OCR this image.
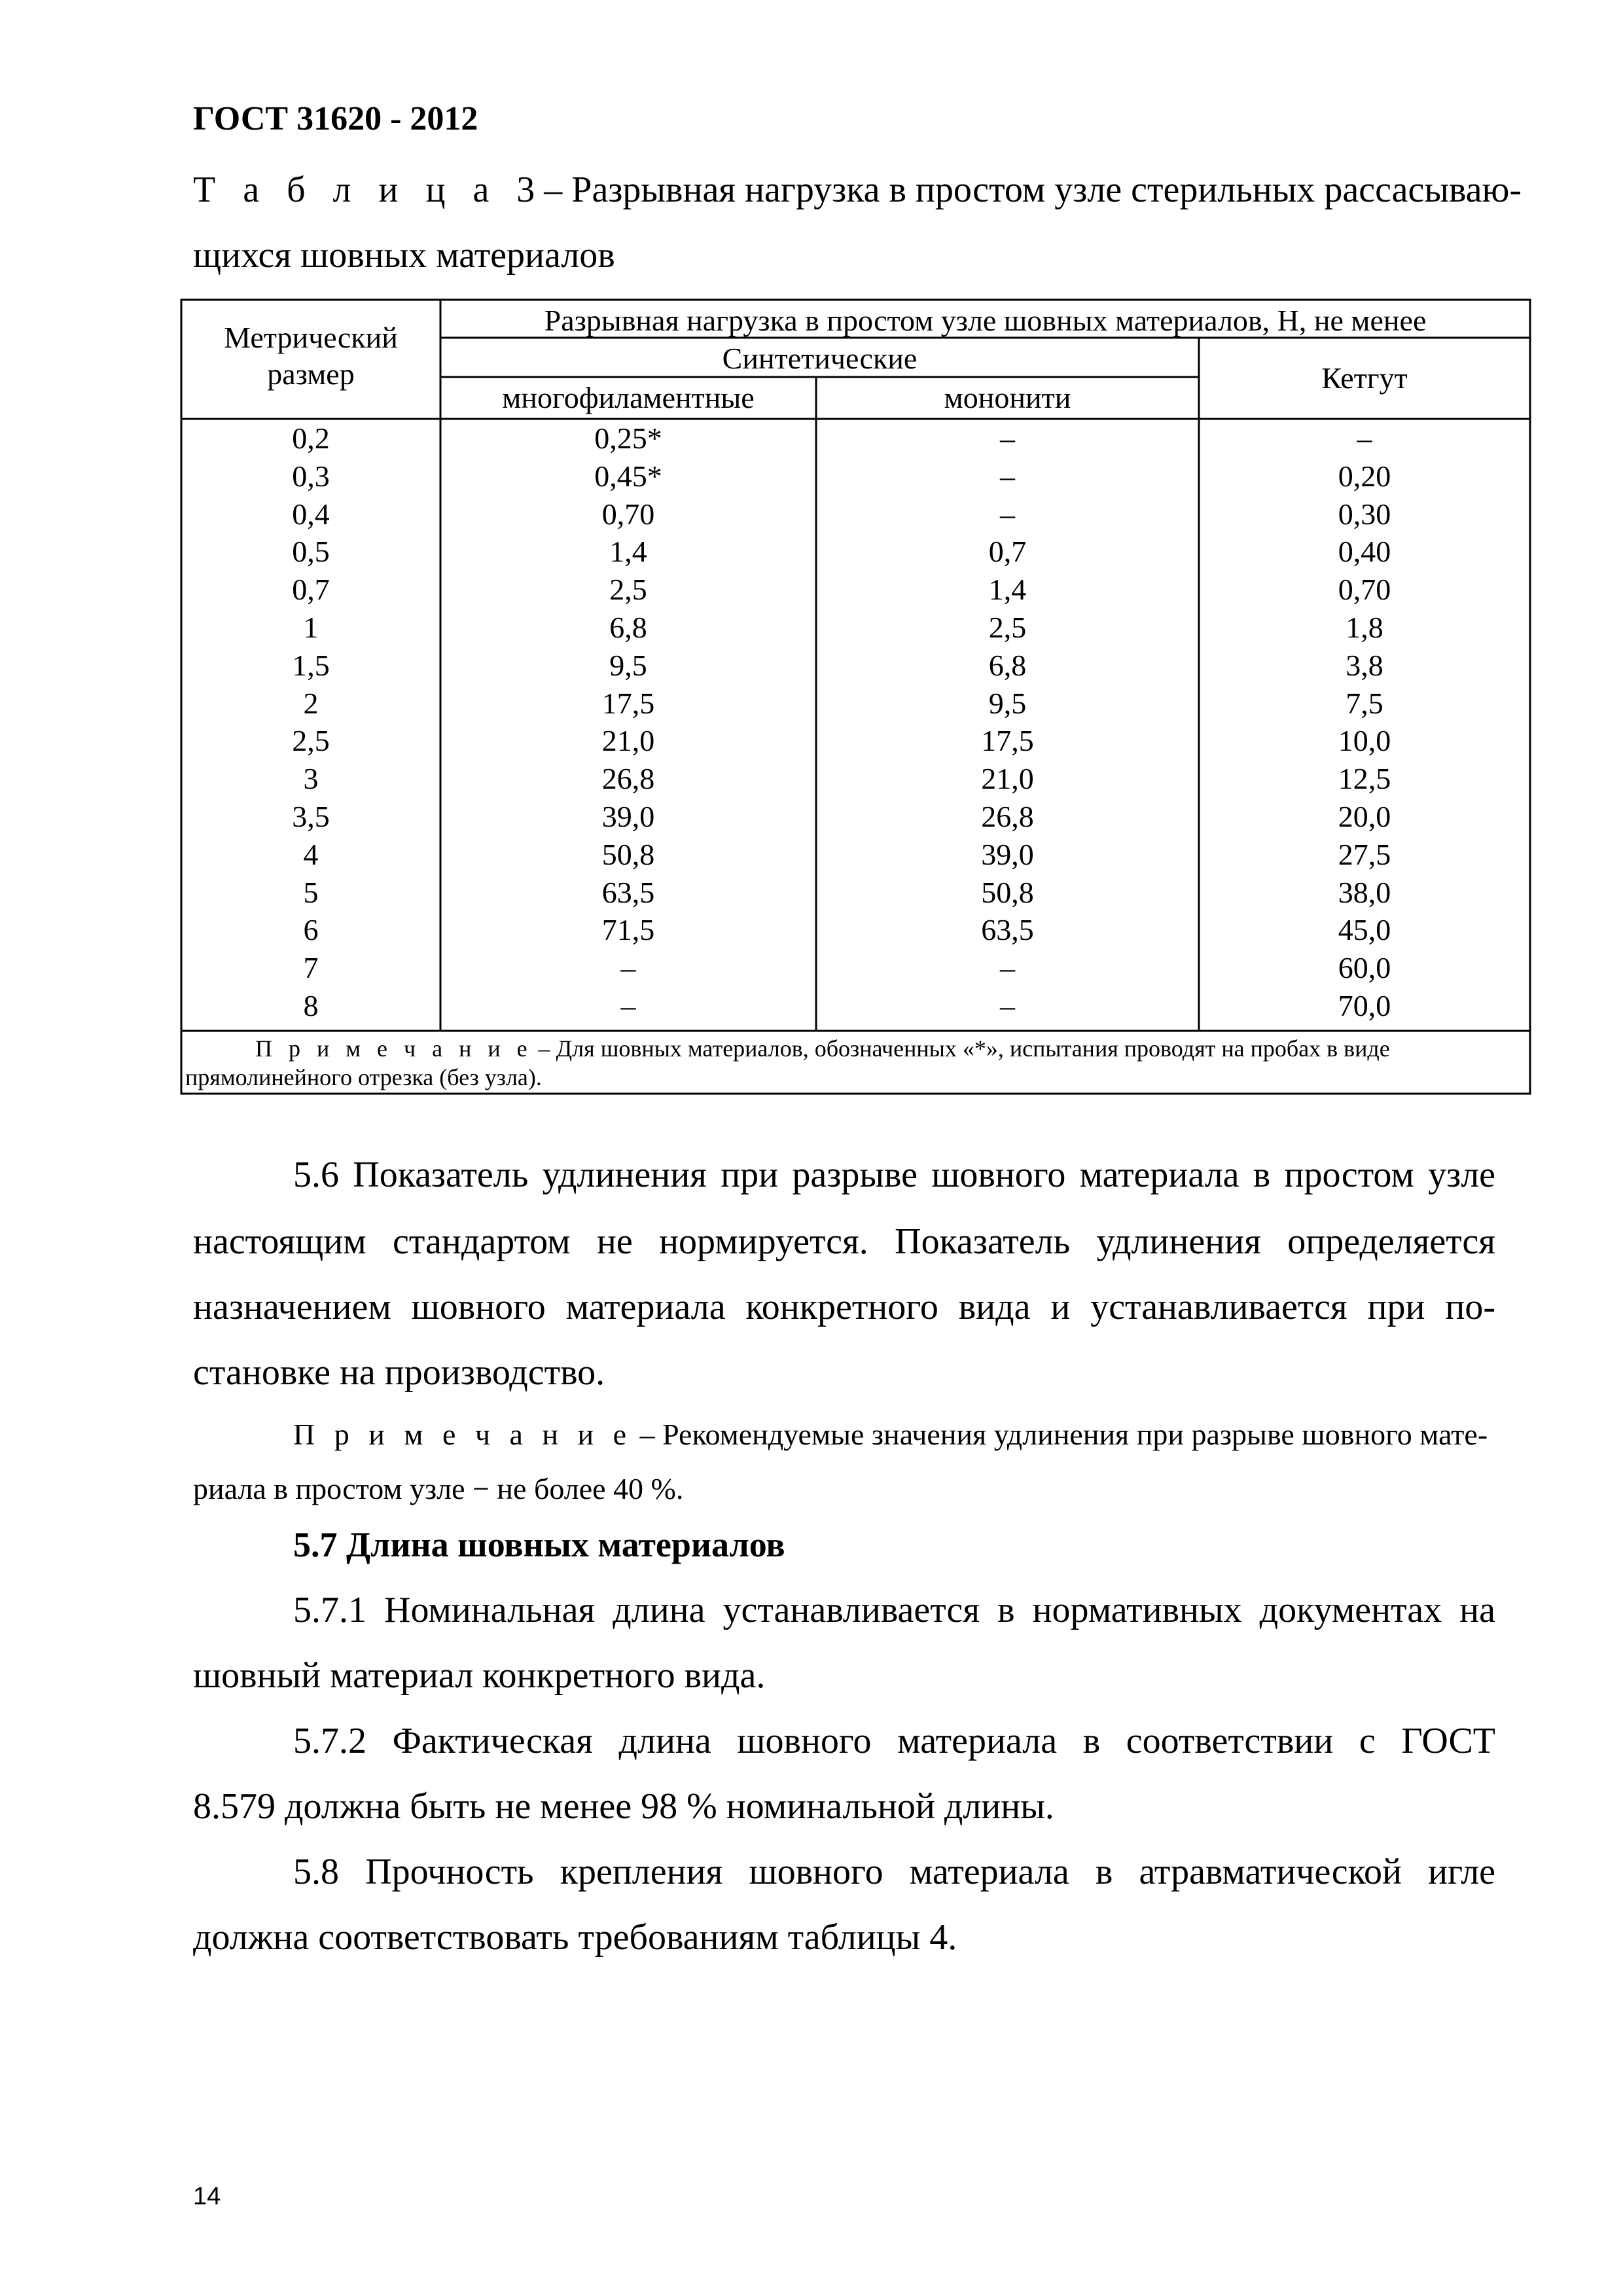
ГОСТ 31620 - 2012
Т а б л и ц а 3– Разрывная нагрузка в простом узле стерильных рассасываю-
щихся шовных материалов
Метрический
размер
Разрывная нагрузка в простом узле шовных материалов, Н, не менее
Синтетические
многофиламентные	мононити
Кетгут
0,2	0,25*	–	–
0,3	0,45*	–	0,20
0,4	0,70	–	0,30
0,5	1,4	0,7	0,40
0,7	2,5	1,4	0,70
1	6,8	2,5	1,8
1,5	9,5	6,8	3,8
2	17,5	9,5	7,5
2,5	21,0	17,5	10,0
3	26,8	21,0	12,5
3,5	39,0	26,8	20,0
4	50,8	39,0	27,5
5	63,5	50,8	38,0
6	71,5	63,5	45,0
7	–	–	60,0
8	–	–	70,0
П р и м е ч а н и е – Для шовных материалов, обозначенных «*», испытания проводят на пробах в виде
прямолинейного отрезка (без узла).
5.6 Показатель удлинения при разрыве шовного материала в простом узле
настоящим стандартом не нормируется. Показатель удлинения определяется
назначением шовного материала конкретного вида и устанавливается при по-
становке на производство.
П р и м е ч а н и е – Рекомендуемые значения удлинения при разрыве шовного мате-
риала в простом узле − не более 40 %.
5.7 Длина шовных материалов
5.7.1 Номинальная длина устанавливается в нормативных документах на
шовный материал конкретного вида.
5.7.2 Фактическая длина шовного материала в соответствии с ГОСТ
8.579 должна быть не менее 98 % номинальной длины.
5.8 Прочность крепления шовного материала в атравматической игле
должна соответствовать требованиям таблицы 4.
14
